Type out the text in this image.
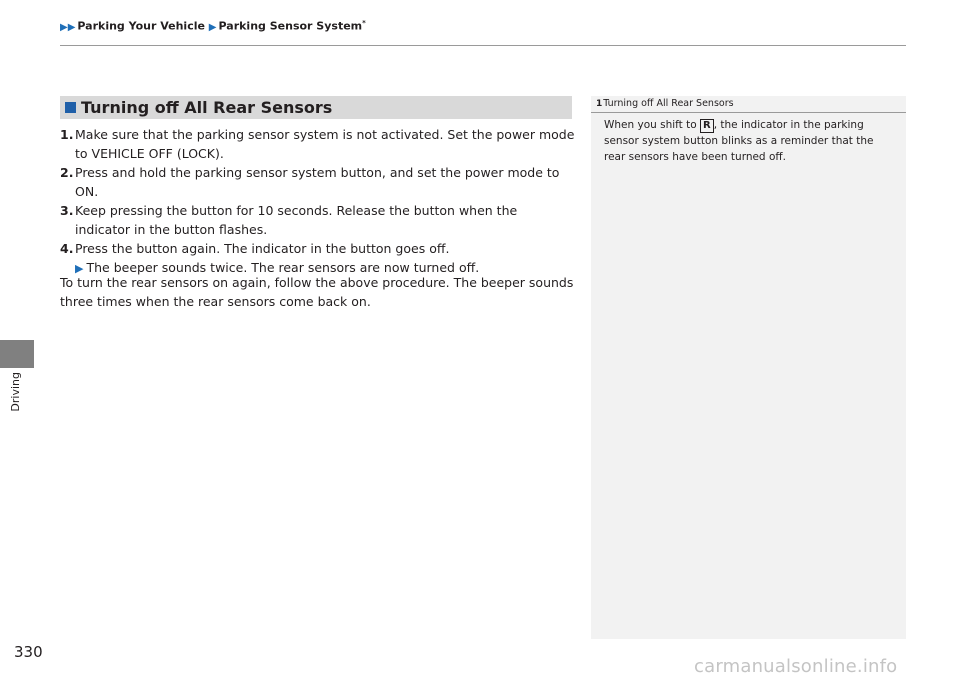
▶▶ Parking Your Vehicle ▶ Parking Sensor System*
Driving
330
Turning off All Rear Sensors
1. Make sure that the parking sensor system is not activated. Set the power mode to VEHICLE OFF (LOCK).
2. Press and hold the parking sensor system button, and set the power mode to ON.
3. Keep pressing the button for 10 seconds. Release the button when the indicator in the button flashes.
4. Press the button again. The indicator in the button goes off.
▶ The beeper sounds twice. The rear sensors are now turned off.

To turn the rear sensors on again, follow the above procedure. The beeper sounds three times when the rear sensors come back on.

1Turning off All Rear Sensors

When you shift to R , the indicator in the parking sensor system button blinks as a reminder that the rear sensors have been turned off.

carmanualsonline.info
